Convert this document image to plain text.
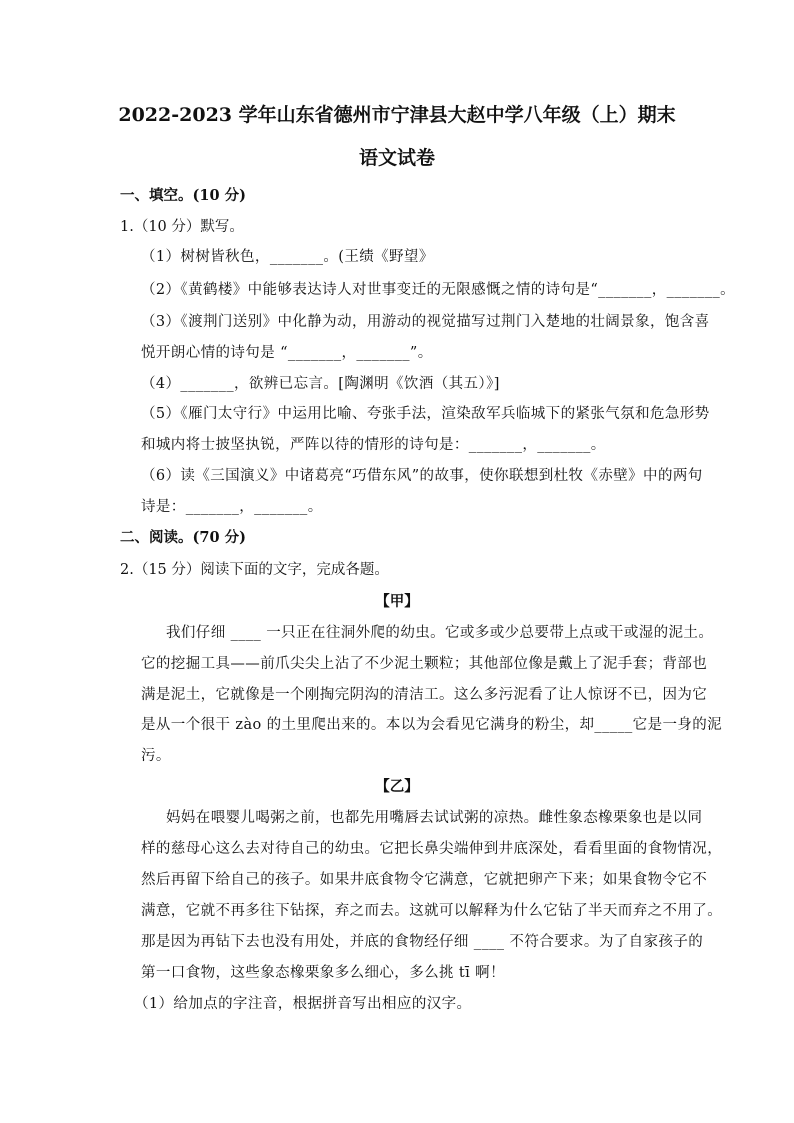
2022-2023 学年山东省德州市宁津县大赵中学八年级（上）期末
语文试卷
一、填空。(10 分)
1.（10 分）默写。
（1）树树皆秋色，_______。(王绩《野望》
（2）《黄鹤楼》中能够表达诗人对世事变迁的无限感慨之情的诗句是“_______，_______。
（3）《渡荆门送别》中化静为动，用游动的视觉描写过荆门入楚地的壮阔景象，饱含喜
悦开朗心情的诗句是 “_______，_______”。
（4）_______，欲辨已忘言。[陶渊明《饮酒（其五）》]
（5）《雁门太守行》中运用比喻、夸张手法，渲染敌军兵临城下的紧张气氛和危急形势
和城内将士披坚执锐，严阵以待的情形的诗句是：_______，_______。
（6）读《三国演义》中诸葛亮“巧借东风”的故事，使你联想到杜牧《赤壁》中的两句
诗是：_______，_______。
二、阅读。(70 分)
2.（15 分）阅读下面的文字，完成各题。
【甲】
我们仔细 ____ 一只正在往洞外爬的幼虫。它或多或少总要带上点或干或湿的泥土。
它的挖掘工具——前爪尖尖上沾了不少泥土颗粒；其他部位像是戴上了泥手套；背部也
满是泥土，它就像是一个刚掏完阴沟的清洁工。这么多污泥看了让人惊讶不已，因为它
是从一个很干 zào 的土里爬出来的。本以为会看见它满身的粉尘，却_____它是一身的泥
污。
【乙】
妈妈在喂婴儿喝粥之前，也都先用嘴唇去试试粥的凉热。雌性象态橡栗象也是以同
样的慈母心这么去对待自己的幼虫。它把长鼻尖端伸到井底深处，看看里面的食物情况，
然后再留下给自己的孩子。如果井底食物令它满意，它就把卵产下来；如果食物令它不
满意，它就不再多往下钻探，弃之而去。这就可以解释为什么它钻了半天而弃之不用了。
那是因为再钻下去也没有用处，并底的食物经仔细 ____ 不符合要求。为了自家孩子的
第一口食物，这些象态橡栗象多么细心，多么挑 tī 啊！
（1）给加点的字注音，根据拼音写出相应的汉字。
